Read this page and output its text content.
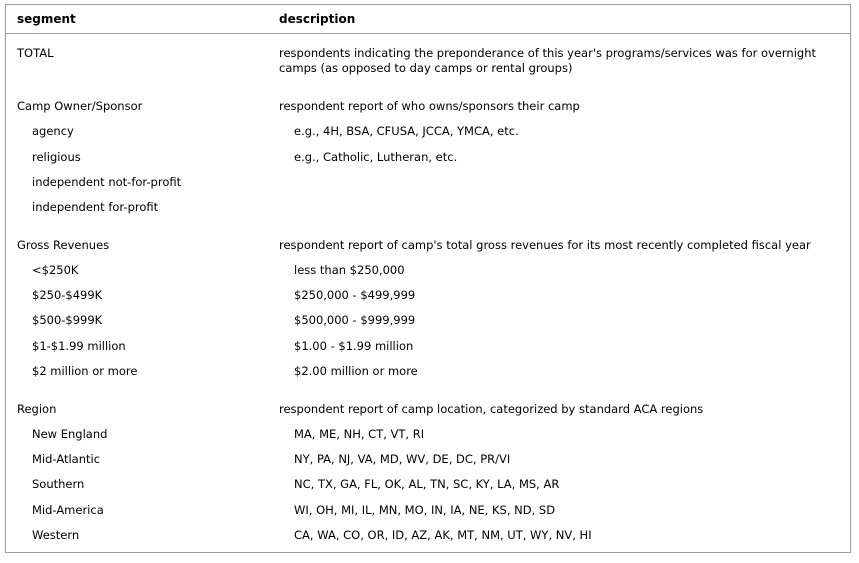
segment	description
TOTAL	respondents indicating the preponderance of this year's programs/services was for overnight camps (as opposed to day camps or rental groups)
Camp Owner/Sponsor	respondent report of who owns/sponsors their camp
agency	e.g., 4H, BSA, CFUSA, JCCA, YMCA, etc.
religious	e.g., Catholic, Lutheran, etc.
independent not-for-profit
independent for-profit
Gross Revenues	respondent report of camp's total gross revenues for its most recently completed fiscal year
<$250K	less than $250,000
$250-$499K	$250,000 - $499,999
$500-$999K	$500,000 - $999,999
$1-$1.99 million	$1.00 - $1.99 million
$2 million or more	$2.00 million or more
Region	respondent report of camp location, categorized by standard ACA regions
New England	MA, ME, NH, CT, VT, RI
Mid-Atlantic	NY, PA, NJ, VA, MD, WV, DE, DC, PR/VI
Southern	NC, TX, GA, FL, OK, AL, TN, SC, KY, LA, MS, AR
Mid-America	WI, OH, MI, IL, MN, MO, IN, IA, NE, KS, ND, SD
Western	CA, WA, CO, OR, ID, AZ, AK, MT, NM, UT, WY, NV, HI
